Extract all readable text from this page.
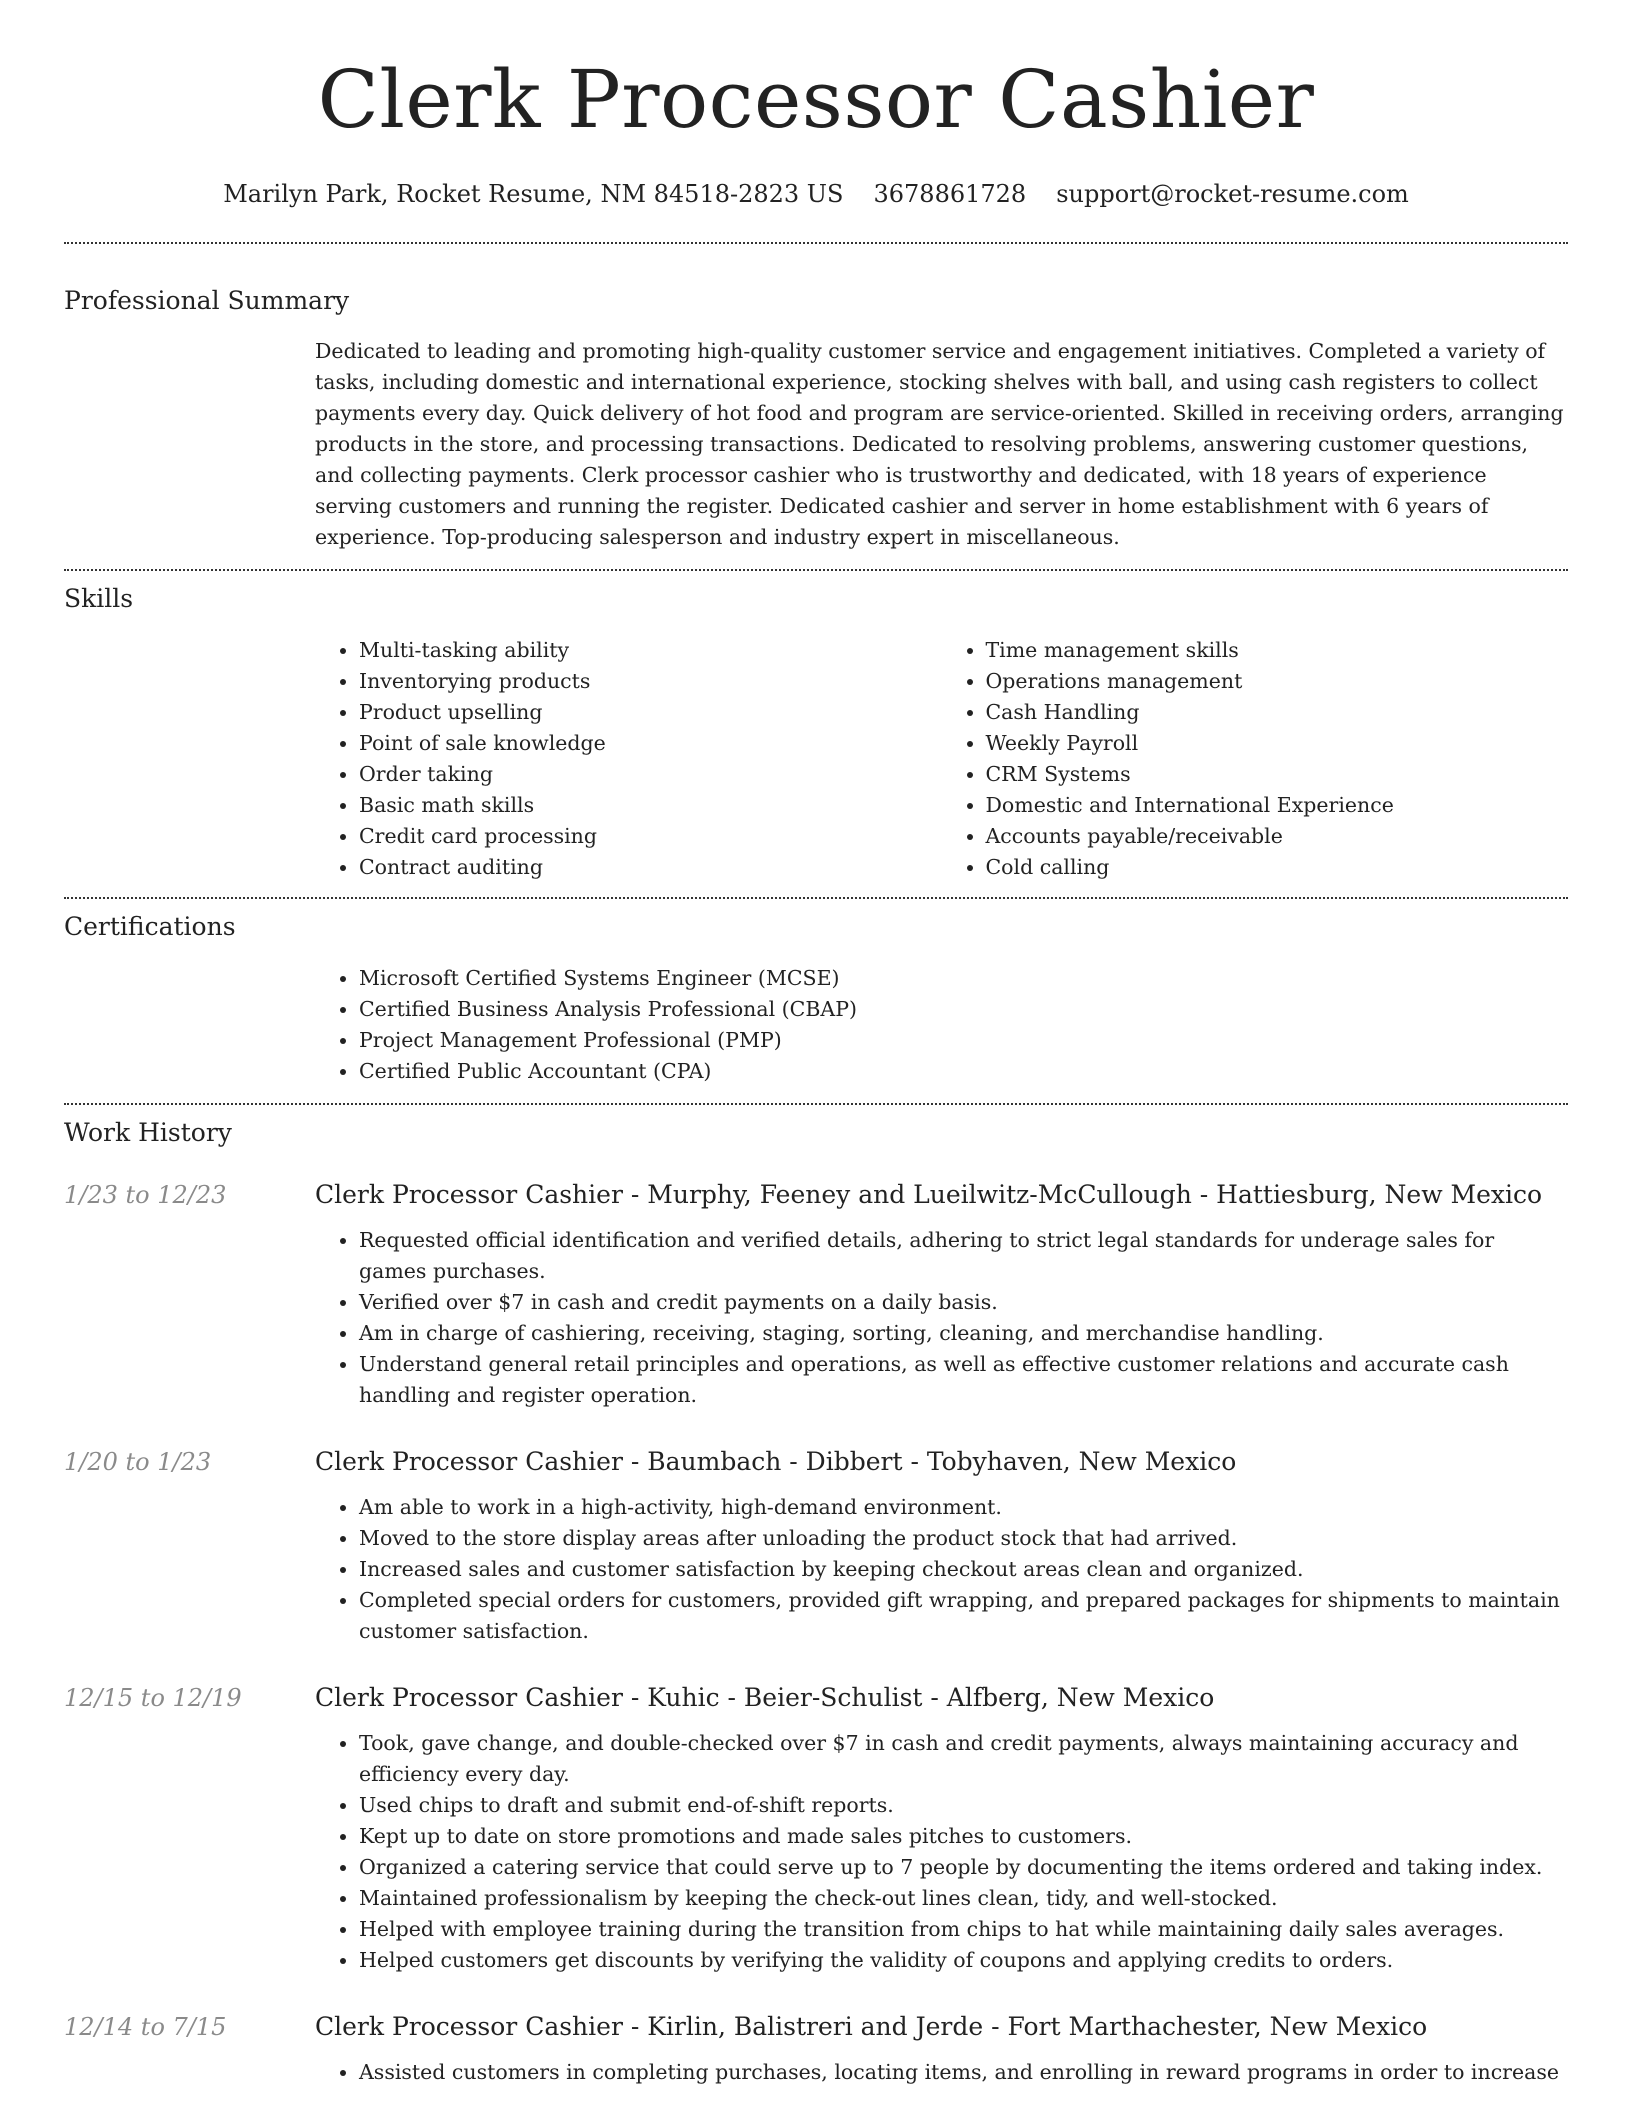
Clerk Processor Cashier
Marilyn Park, Rocket Resume, NM 84518-2823 US 3678861728 support@rocket-resume.com
Professional Summary

Dedicated to leading and promoting high-quality customer service and engagement initiatives. Completed a variety of tasks, including domestic and international experience, stocking shelves with ball, and using cash registers to collect payments every day. Quick delivery of hot food and program are service-oriented. Skilled in receiving orders, arranging products in the store, and processing transactions. Dedicated to resolving problems, answering customer questions, and collecting payments. Clerk processor cashier who is trustworthy and dedicated, with 18 years of experience serving customers and running the register. Dedicated cashier and server in home establishment with 6 years of experience. Top-producing salesperson and industry expert in miscellaneous.

Skills
• Multi-tasking ability
• Inventorying products
• Product upselling
• Point of sale knowledge
• Order taking
• Basic math skills
• Credit card processing
• Contract auditing
• Time management skills
• Operations management
• Cash Handling
• Weekly Payroll
• CRM Systems
• Domestic and International Experience
• Accounts payable/receivable
• Cold calling
Certifications
• Microsoft Certified Systems Engineer (MCSE)
• Certified Business Analysis Professional (CBAP)
• Project Management Professional (PMP)
• Certified Public Accountant (CPA)
Work History
1/23 to 12/23	Clerk Processor Cashier - Murphy, Feeney and Lueilwitz-McCullough - Hattiesburg, New Mexico
• Requested official identification and verified details, adhering to strict legal standards for underage sales for games purchases.
• Verified over $7 in cash and credit payments on a daily basis.
• Am in charge of cashiering, receiving, staging, sorting, cleaning, and merchandise handling.
• Understand general retail principles and operations, as well as effective customer relations and accurate cash handling and register operation.
1/20 to 1/23	Clerk Processor Cashier - Baumbach - Dibbert - Tobyhaven, New Mexico
• Am able to work in a high-activity, high-demand environment.
• Moved to the store display areas after unloading the product stock that had arrived.
• Increased sales and customer satisfaction by keeping checkout areas clean and organized.
• Completed special orders for customers, provided gift wrapping, and prepared packages for shipments to maintain customer satisfaction.
12/15 to 12/19	Clerk Processor Cashier - Kuhic - Beier-Schulist - Alfberg, New Mexico
• Took, gave change, and double-checked over $7 in cash and credit payments, always maintaining accuracy and efficiency every day.
• Used chips to draft and submit end-of-shift reports.
• Kept up to date on store promotions and made sales pitches to customers.
• Organized a catering service that could serve up to 7 people by documenting the items ordered and taking index.
• Maintained professionalism by keeping the check-out lines clean, tidy, and well-stocked.
• Helped with employee training during the transition from chips to hat while maintaining daily sales averages.
• Helped customers get discounts by verifying the validity of coupons and applying credits to orders.
12/14 to 7/15	Clerk Processor Cashier - Kirlin, Balistreri and Jerde - Fort Marthachester, New Mexico
• Assisted customers in completing purchases, locating items, and enrolling in reward programs in order to increase
